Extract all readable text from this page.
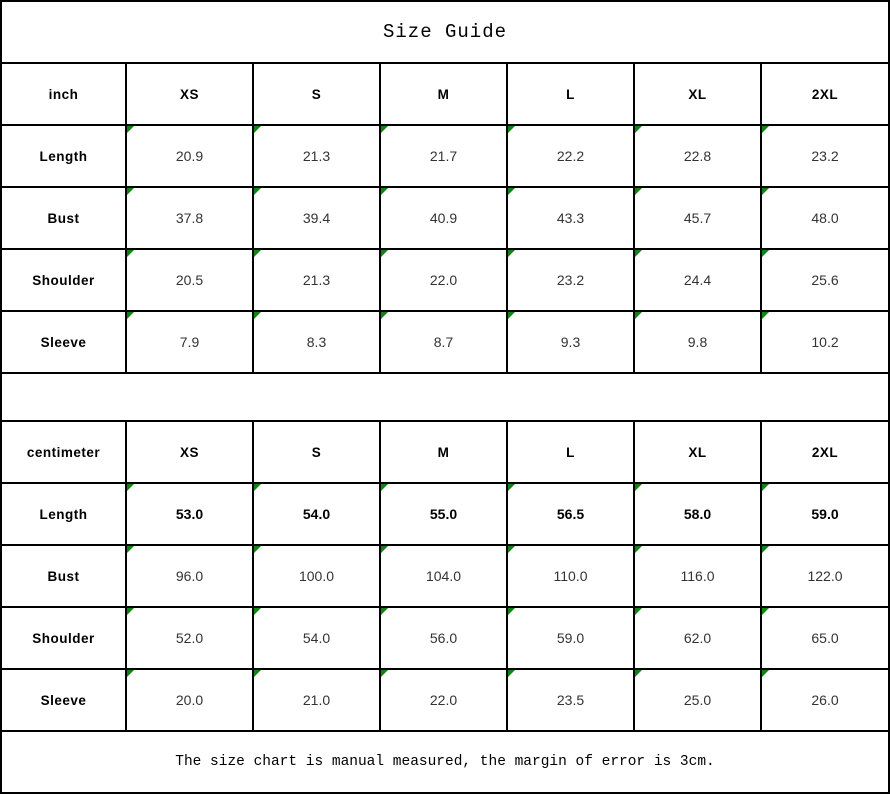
Size Guide
inch	XS	S	M	L	XL	2XL
Length	20.9	21.3	21.7	22.2	22.8	23.2
Bust	37.8	39.4	40.9	43.3	45.7	48.0
Shoulder	20.5	21.3	22.0	23.2	24.4	25.6
Sleeve	7.9	8.3	8.7	9.3	9.8	10.2
centimeter	XS	S	M	L	XL	2XL
Length	53.0	54.0	55.0	56.5	58.0	59.0
Bust	96.0	100.0	104.0	110.0	116.0	122.0
Shoulder	52.0	54.0	56.0	59.0	62.0	65.0
Sleeve	20.0	21.0	22.0	23.5	25.0	26.0
The size chart is manual measured, the margin of error is 3cm.
